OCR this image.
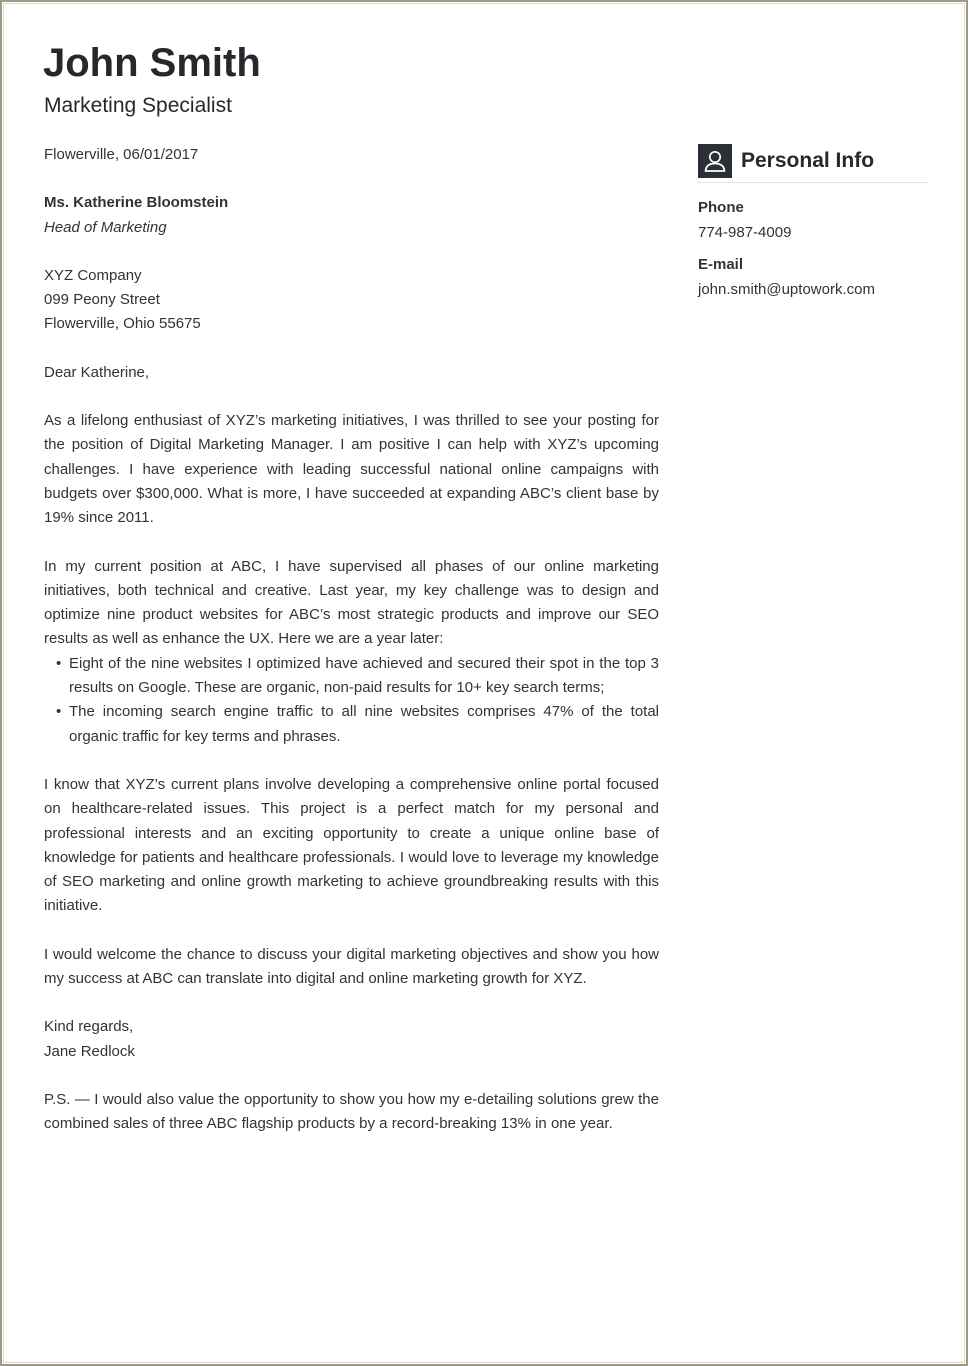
John Smith
Marketing Specialist

Flowerville, 06/01/2017

Ms. Katherine Bloomstein

Head of Marketing

XYZ Company

099 Peony Street

Flowerville, Ohio 55675

Dear Katherine,

As a lifelong enthusiast of XYZ’s marketing initiatives, I was thrilled to see your posting for the position of Digital Marketing Manager. I am positive I can help with XYZ’s upcoming challenges. I have experience with leading successful national online campaigns with budgets over $300,000. What is more, I have succeeded at expanding ABC’s client base by 19% since 2011.

In my current position at ABC, I have supervised all phases of our online marketing initiatives, both technical and creative. Last year, my key challenge was to design and optimize nine product websites for ABC’s most strategic products and improve our SEO results as well as enhance the UX. Here we are a year later:

• Eight of the nine websites I optimized have achieved and secured their spot in the top 3 results on Google. These are organic, non-paid results for 10+ key search terms;
• The incoming search engine traffic to all nine websites comprises 47% of the total organic traffic for key terms and phrases.

I know that XYZ’s current plans involve developing a comprehensive online portal focused on healthcare-related issues. This project is a perfect match for my personal and professional interests and an exciting opportunity to create a unique online base of knowledge for patients and healthcare professionals. I would love to leverage my knowledge of SEO marketing and online growth marketing to achieve groundbreaking results with this initiative.

I would welcome the chance to discuss your digital marketing objectives and show you how my success at ABC can translate into digital and online marketing growth for XYZ.

Kind regards,

Jane Redlock

P.S. — I would also value the opportunity to show you how my e-detailing solutions grew the combined sales of three ABC flagship products by a record-breaking 13% in one year.

Personal Info

Phone

774-987-4009

E-mail

john.smith@uptowork.com
